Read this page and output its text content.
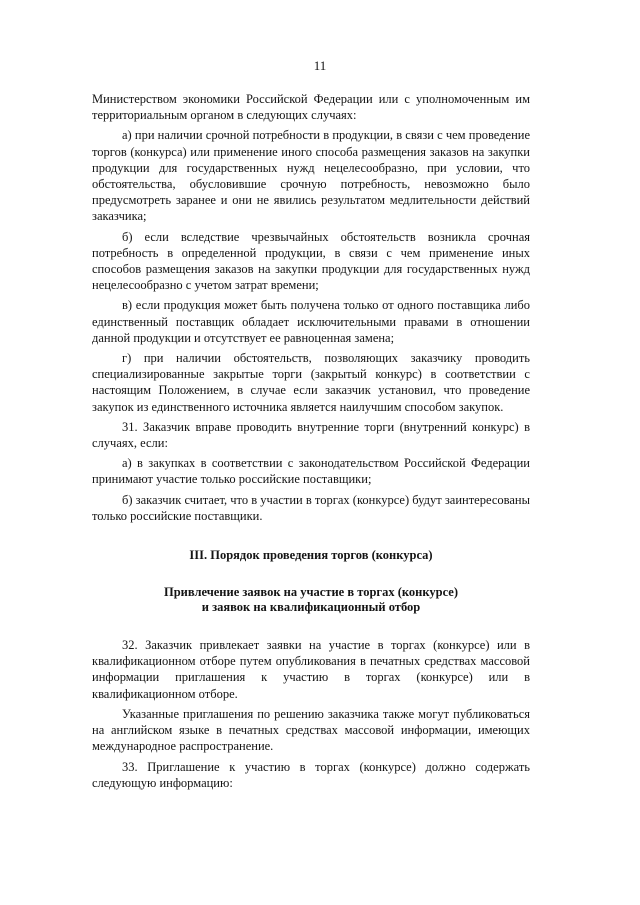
11

Министерством экономики Российской Федерации или с уполномоченным им территориальным органом в следующих случаях:

а) при наличии срочной потребности в продукции, в связи с чем проведение торгов (конкурса) или применение иного способа размещения заказов на закупки продукции для государственных нужд нецелесообразно, при условии, что обстоятельства, обусловившие срочную потребность, невозможно было предусмотреть заранее и они не явились результатом медлительности действий заказчика;

б) если вследствие чрезвычайных обстоятельств возникла срочная потребность в определенной продукции, в связи с чем применение иных способов размещения заказов на закупки продукции для государственных нужд нецелесообразно с учетом затрат времени;

в) если продукция может быть получена только от одного поставщика либо единственный поставщик обладает исключительными правами в отношении данной продукции и отсутствует ее равноценная замена;

г) при наличии обстоятельств, позволяющих заказчику проводить специализированные закрытые торги (закрытый конкурс) в соответствии с настоящим Положением, в случае если заказчик установил, что проведение закупок из единственного источника является наилучшим способом закупок.

31. Заказчик вправе проводить внутренние торги (внутренний конкурс) в случаях, если:

а) в закупках в соответствии с законодательством Российской Федерации принимают участие только российские поставщики;

б) заказчик считает, что в участии в торгах (конкурсе) будут заинтересованы только российские поставщики.

III. Порядок проведения торгов (конкурса)

Привлечение заявок на участие в торгах (конкурсе)

и заявок на квалификационный отбор

32. Заказчик привлекает заявки на участие в торгах (конкурсе) или в квалификационном отборе путем опубликования в печатных средствах массовой информации приглашения к участию в торгах (конкурсе) или в квалификационном отборе.

Указанные приглашения по решению заказчика также могут публиковаться на английском языке в печатных средствах массовой информации, имеющих международное распространение.

33. Приглашение к участию в торгах (конкурсе) должно содержать следующую информацию:
